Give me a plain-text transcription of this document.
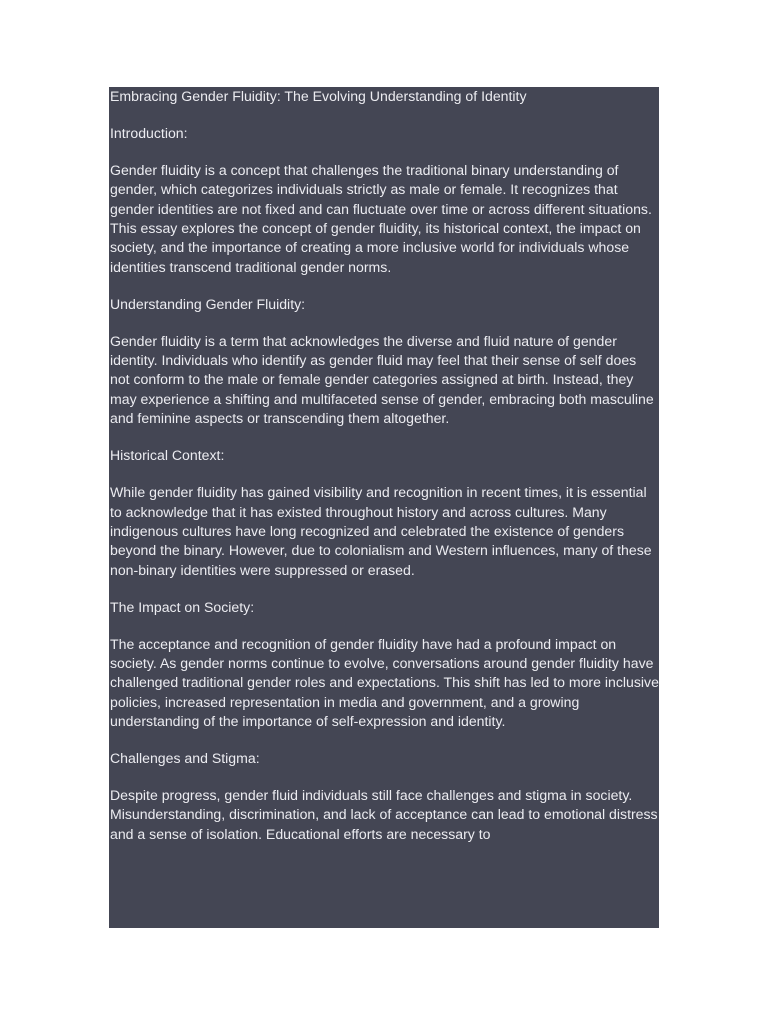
Embracing Gender Fluidity: The Evolving Understanding of Identity

Introduction:

Gender fluidity is a concept that challenges the traditional binary understanding of gender, which categorizes individuals strictly as male or female. It recognizes that gender identities are not fixed and can fluctuate over time or across different situations. This essay explores the concept of gender fluidity, its historical context, the impact on society, and the importance of creating a more inclusive world for individuals whose identities transcend traditional gender norms.

Understanding Gender Fluidity:

Gender fluidity is a term that acknowledges the diverse and fluid nature of gender identity. Individuals who identify as gender fluid may feel that their sense of self does not conform to the male or female gender categories assigned at birth. Instead, they may experience a shifting and multifaceted sense of gender, embracing both masculine and feminine aspects or transcending them altogether.

Historical Context:

While gender fluidity has gained visibility and recognition in recent times, it is essential to acknowledge that it has existed throughout history and across cultures. Many indigenous cultures have long recognized and celebrated the existence of genders beyond the binary. However, due to colonialism and Western influences, many of these non-binary identities were suppressed or erased.

The Impact on Society:

The acceptance and recognition of gender fluidity have had a profound impact on society. As gender norms continue to evolve, conversations around gender fluidity have challenged traditional gender roles and expectations. This shift has led to more inclusive policies, increased representation in media and government, and a growing understanding of the importance of self-expression and identity.

Challenges and Stigma:

Despite progress, gender fluid individuals still face challenges and stigma in society. Misunderstanding, discrimination, and lack of acceptance can lead to emotional distress and a sense of isolation. Educational efforts are necessary to
